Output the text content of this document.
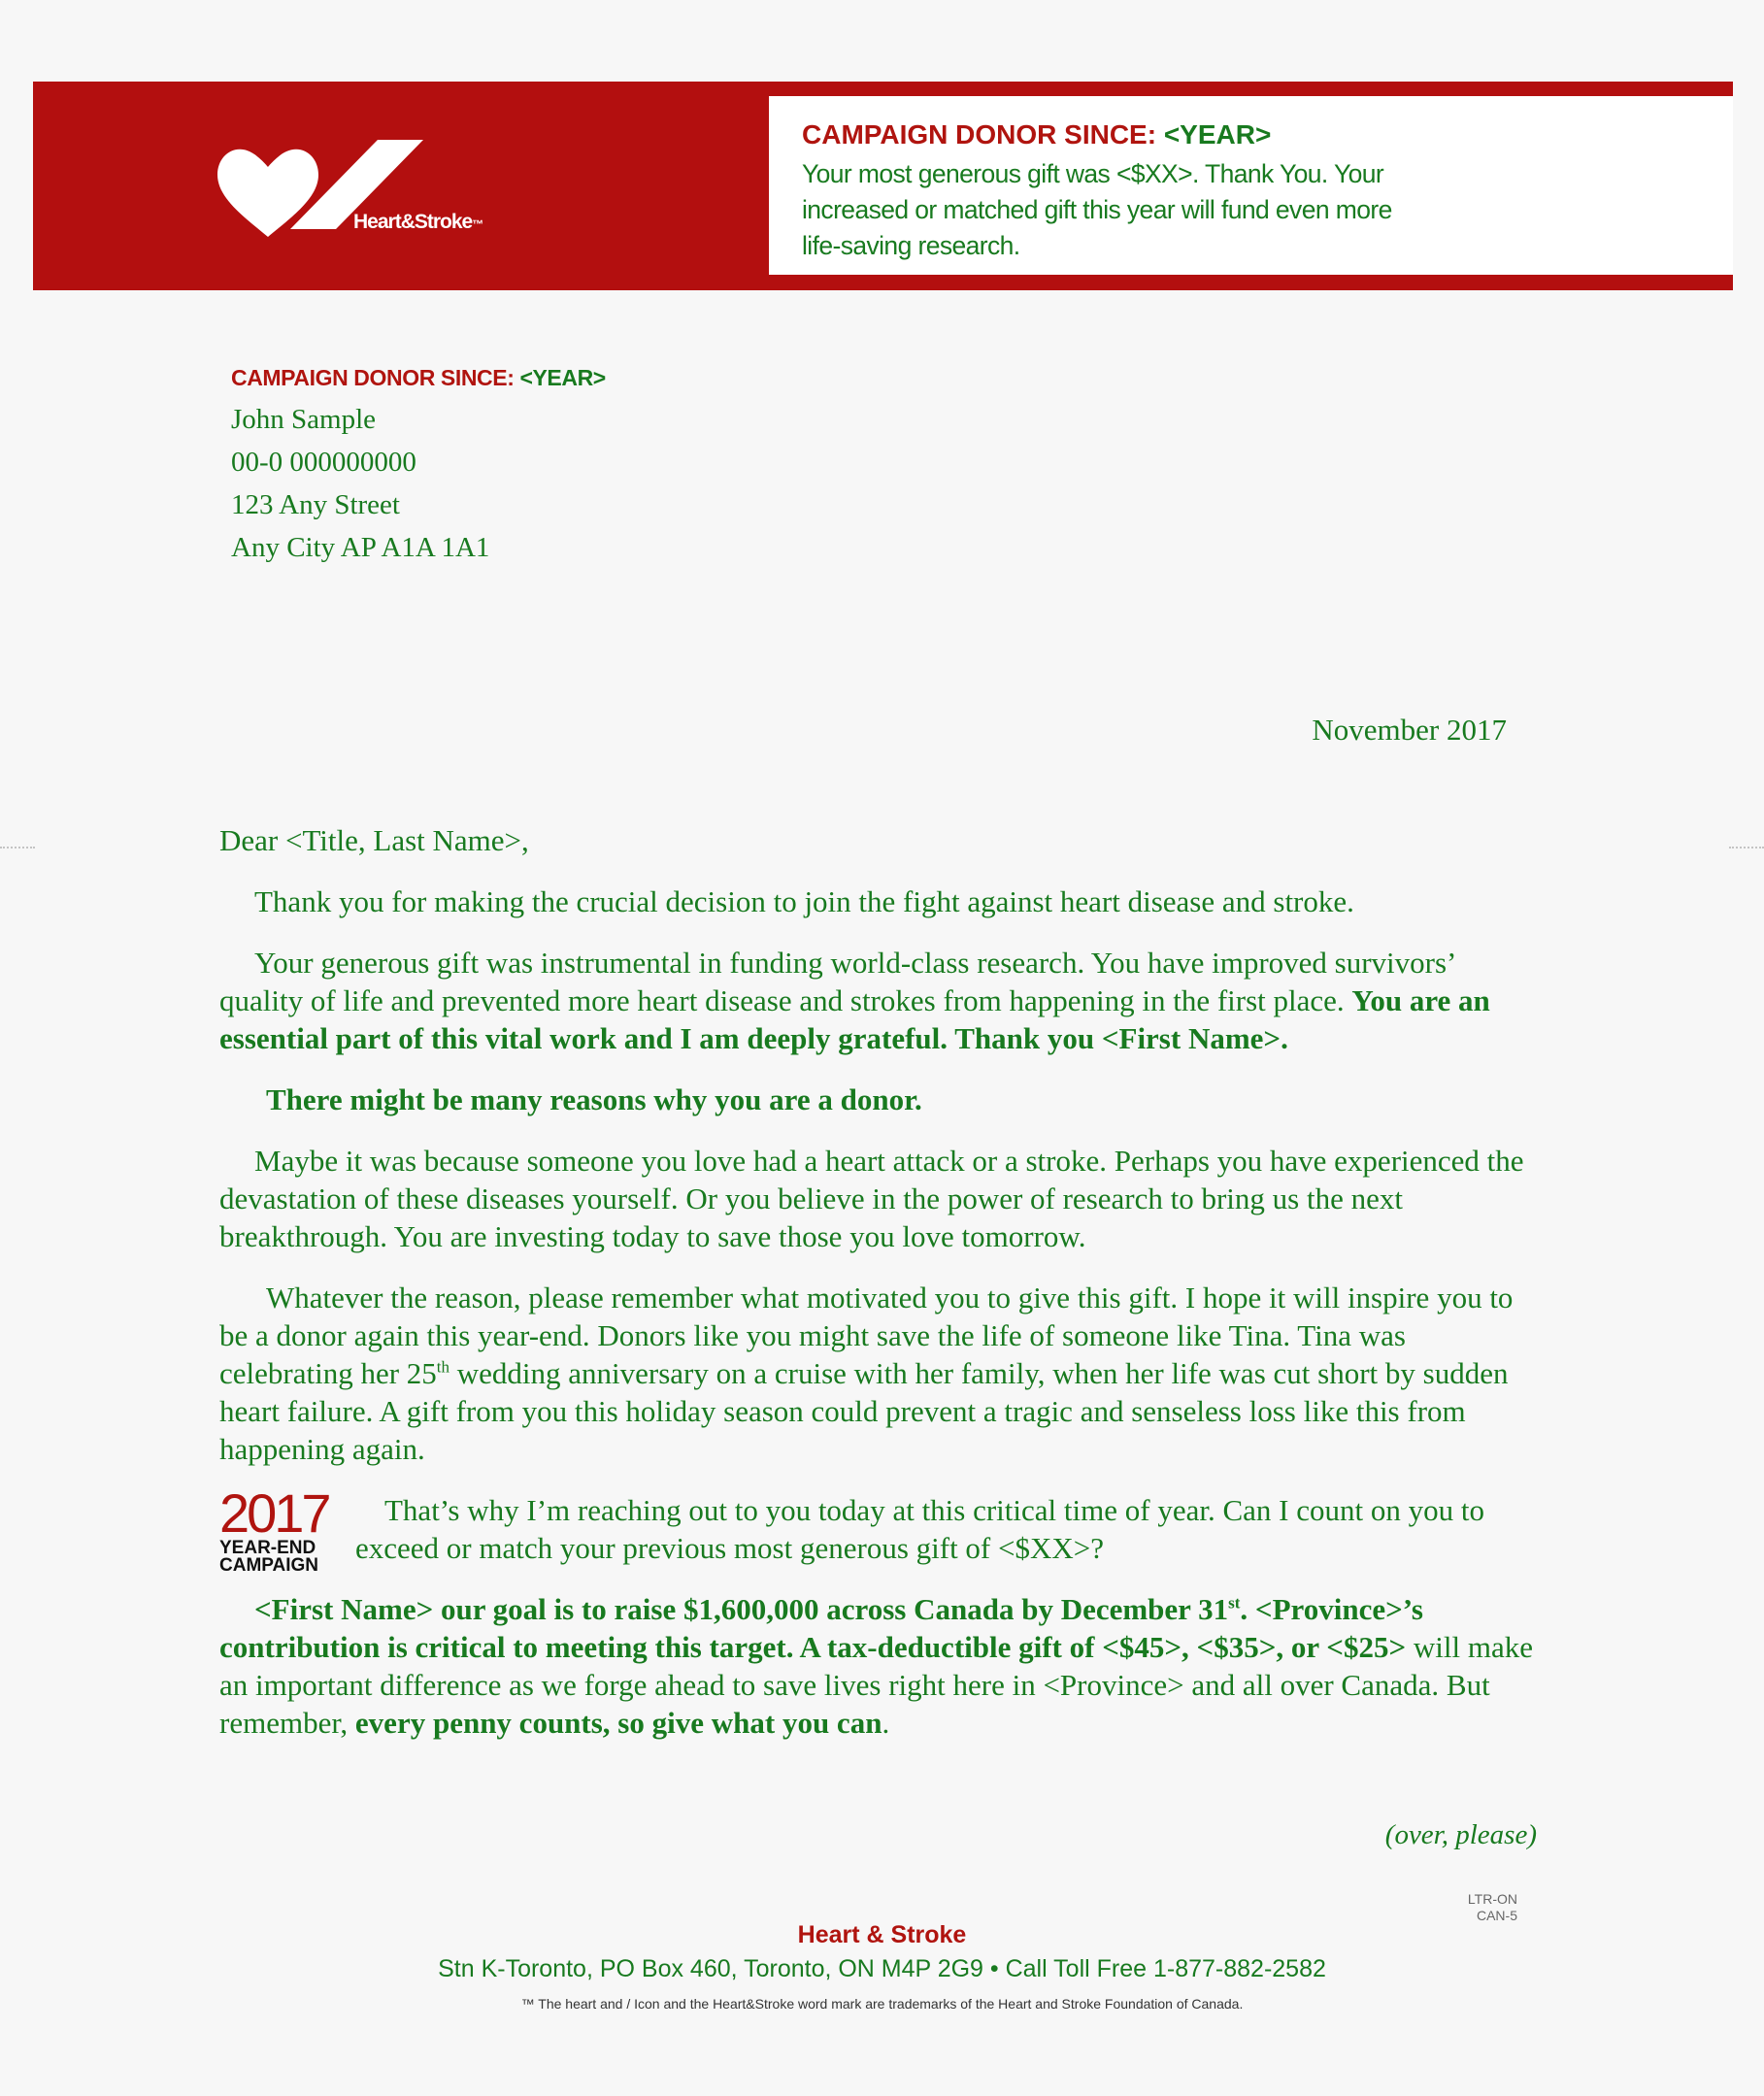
Heart&Stroke™
CAMPAIGN DONOR SINCE: <YEAR>
Your most generous gift was <$XX>. Thank You. Your increased or matched gift this year will fund even more life-saving research.
CAMPAIGN DONOR SINCE: <YEAR>
John Sample
00-0 000000000
123 Any Street
Any City AP A1A 1A1
November 2017

Dear <Title, Last Name>,

Thank you for making the crucial decision to join the fight against heart disease and stroke.

Your generous gift was instrumental in funding world-class research. You have improved survivors’ quality of life and prevented more heart disease and strokes from happening in the first place. You are an essential part of this vital work and I am deeply grateful. Thank you <First Name>.

There might be many reasons why you are a donor.

Maybe it was because someone you love had a heart attack or a stroke. Perhaps you have experienced the devastation of these diseases yourself. Or you believe in the power of research to bring us the next breakthrough. You are investing today to save those you love tomorrow.

Whatever the reason, please remember what motivated you to give this gift. I hope it will inspire you to be a donor again this year-end. Donors like you might save the life of someone like Tina. Tina was celebrating her 25th wedding anniversary on a cruise with her family, when her life was cut short by sudden heart failure. A gift from you this holiday season could prevent a tragic and senseless loss like this from happening again.

2017
YEAR-END
CAMPAIGN

That’s why I’m reaching out to you today at this critical time of year. Can I count on you to exceed or match your previous most generous gift of <$XX>?

<First Name> our goal is to raise $1,600,000 across Canada by December 31st. <Province>’s contribution is critical to meeting this target. A tax-deductible gift of <$45>, <$35>, or <$25> will make an important difference as we forge ahead to save lives right here in <Province> and all over Canada. But remember, every penny counts, so give what you can.

(over, please)
LTR-ON
CAN-5
Heart & Stroke
Stn K-Toronto, PO Box 460, Toronto, ON M4P 2G9 • Call Toll Free 1-877-882-2582
™ The heart and / Icon and the Heart&Stroke word mark are trademarks of the Heart and Stroke Foundation of Canada.
